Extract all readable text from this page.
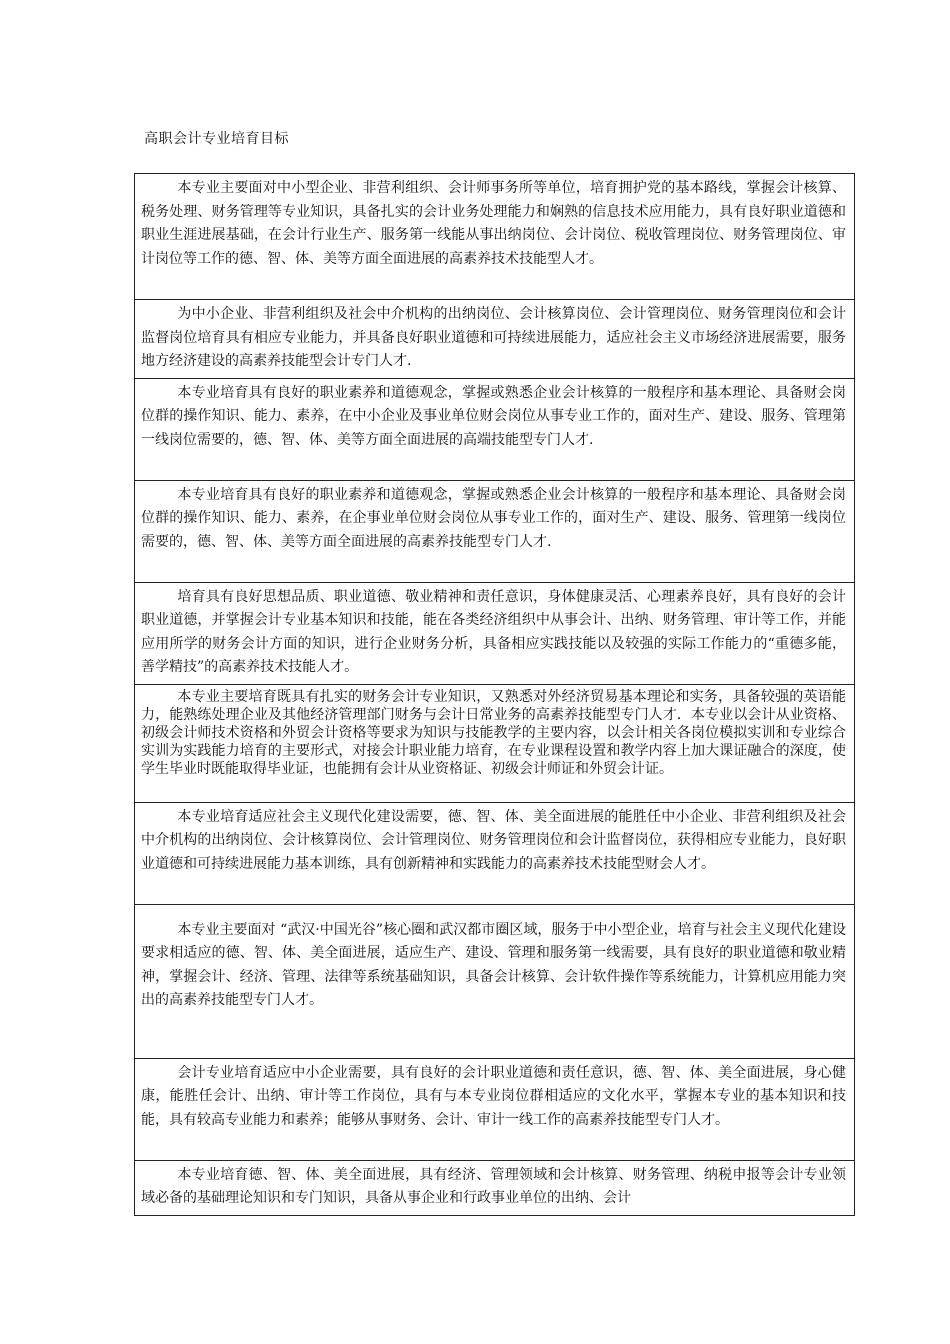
高职会计专业培育目标

本专业主要面对中小型企业、非营利组织、会计师事务所等单位，培育拥护党的基本路线，掌握会计核算、税务处理、财务管理等专业知识，具备扎实的会计业务处理能力和娴熟的信息技术应用能力，具有良好职业道德和职业生涯进展基础，在会计行业生产、服务第一线能从事出纳岗位、会计岗位、税收管理岗位、财务管理岗位、审计岗位等工作的德、智、体、美等方面全面进展的高素养技术技能型人才。

为中小企业、非营利组织及社会中介机构的出纳岗位、会计核算岗位、会计管理岗位、财务管理岗位和会计监督岗位培育具有相应专业能力，并具备良好职业道德和可持续进展能力，适应社会主义市场经济进展需要，服务地方经济建设的高素养技能型会计专门人才.

本专业培育具有良好的职业素养和道德观念，掌握或熟悉企业会计核算的一般程序和基本理论、具备财会岗位群的操作知识、能力、素养，在中小企业及事业单位财会岗位从事专业工作的，面对生产、建设、服务、管理第一线岗位需要的，德、智、体、美等方面全面进展的高端技能型专门人才.

本专业培育具有良好的职业素养和道德观念，掌握或熟悉企业会计核算的一般程序和基本理论、具备财会岗位群的操作知识、能力、素养，在企事业单位财会岗位从事专业工作的，面对生产、建设、服务、管理第一线岗位需要的，德、智、体、美等方面全面进展的高素养技能型专门人才.

培育具有良好思想品质、职业道德、敬业精神和责任意识，身体健康灵活、心理素养良好，具有良好的会计职业道德，并掌握会计专业基本知识和技能，能在各类经济组织中从事会计、出纳、财务管理、审计等工作，并能应用所学的财务会计方面的知识，进行企业财务分析，具备相应实践技能以及较强的实际工作能力的“重德多能，善学精技”的高素养技术技能人才。

本专业主要培育既具有扎实的财务会计专业知识，又熟悉对外经济贸易基本理论和实务，具备较强的英语能力，能熟练处理企业及其他经济管理部门财务与会计日常业务的高素养技能型专门人才．本专业以会计从业资格、初级会计师技术资格和外贸会计资格等要求为知识与技能教学的主要内容，以会计相关各岗位模拟实训和专业综合实训为实践能力培育的主要形式，对接会计职业能力培育，在专业课程设置和教学内容上加大课证融合的深度，使学生毕业时既能取得毕业证，也能拥有会计从业资格证、初级会计师证和外贸会计证。

本专业培育适应社会主义现代化建设需要，德、智、体、美全面进展的能胜任中小企业、非营利组织及社会中介机构的出纳岗位、会计核算岗位、会计管理岗位、财务管理岗位和会计监督岗位，获得相应专业能力，良好职业道德和可持续进展能力基本训练，具有创新精神和实践能力的高素养技术技能型财会人才。

本专业主要面对 “武汉·中国光谷”核心圈和武汉都市圈区域，服务于中小型企业，培育与社会主义现代化建设要求相适应的德、智、体、美全面进展，适应生产、建设、管理和服务第一线需要，具有良好的职业道德和敬业精神，掌握会计、经济、管理、法律等系统基础知识，具备会计核算、会计软件操作等系统能力，计算机应用能力突出的高素养技能型专门人才。

会计专业培育适应中小企业需要，具有良好的会计职业道德和责任意识，德、智、体、美全面进展，身心健康，能胜任会计、出纳、审计等工作岗位，具有与本专业岗位群相适应的文化水平，掌握本专业的基本知识和技能，具有较高专业能力和素养；能够从事财务、会计、审计一线工作的高素养技能型专门人才。

本专业培育德、智、体、美全面进展，具有经济、管理领域和会计核算、财务管理、纳税申报等会计专业领域必备的基础理论知识和专门知识，具备从事企业和行政事业单位的出纳、会计
